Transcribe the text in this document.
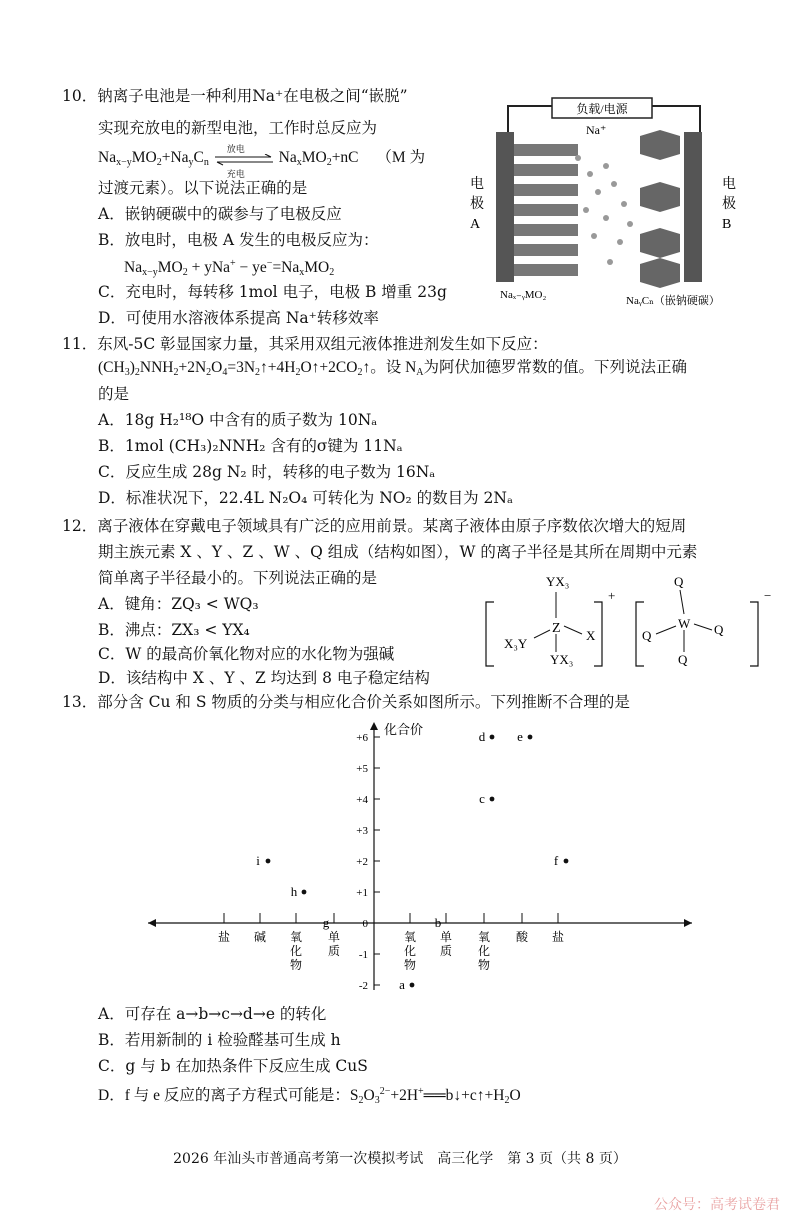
10．钠离子电池是一种利用Na⁺在电极之间“嵌脱”
实现充放电的新型电池，工作时总反应为
$Na_{x-y}MO_2+Na_yC_n$
放电
充电
$Na_xMO_2+nC$ （M 为
过渡元素）。以下说法正确的是
A．嵌钠硬碳中的碳参与了电极反应
B．放电时，电极 A 发生的电极反应为：
$Na_{x-y}MO_2 + yNa^+ - ye^-=Na_xMO_2$
C．充电时，每转移 1mol 电子，电极 B 增重 23g
D．可使用水溶液体系提高 Na⁺转移效率
负载/电源
Na⁺
电极 A
电极 B
Naₓ₋ᵧMO₂	NaᵧCₙ（嵌钠硬碳）
11．东风-5C 彰显国家力量，其采用双组元液体推进剂发生如下反应：
$(CH_3)_2NNH_2+2N_2O_4=3N_2↑+4H_2O↑+2CO_2↑$。设 $N_A$为阿伏加德罗常数的值。下列说法正确
的是
A．18g H₂¹⁸O 中含有的质子数为 10Nₐ
B．1mol (CH₃)₂NNH₂ 含有的σ键为 11Nₐ
C．反应生成 28g N₂ 时，转移的电子数为 16Nₐ
D．标准状况下，22.4L N₂O₄ 可转化为 NO₂ 的数目为 2Nₐ
12．离子液体在穿戴电子领域具有广泛的应用前景。某离子液体由原子序数依次增大的短周
期主族元素 X 、Y 、Z 、W 、Q 组成（结构如图），W 的离子半径是其所在周期中元素
简单离子半径最小的。下列说法正确的是
A．键角：ZQ₃ < WQ₃
B．沸点：ZX₃ < YX₄
C．W 的最高价氧化物对应的水化物为强碱
D．该结构中 X 、Y 、Z 均达到 8 电子稳定结构
+
Z
YX₃
X₃Y
X
YX₃
−
Q
W
Q	Q
Q
13．部分含 Cu 和 S 物质的分类与相应化合价关系如图所示。下列推断不合理的是
化合价
+6
+5
+4
+3
+2
+1
0
-1
-2
盐 碱 氧化物
单质
氧化物
单质
氧化物
酸 盐
a
b
c
d e
f
g
h
i
A．可存在 a→b→c→d→e 的转化
B．若用新制的 i 检验醛基可生成 h
C．g 与 b 在加热条件下反应生成 CuS
D．f 与 e 反应的离子方程式可能是：$S_2O_3^{2-}+2H^+══b↓+c↑+H_2O$
2026 年汕头市普通高考第一次模拟考试　高三化学　第 3 页（共 8 页）
公众号：高考试卷君
